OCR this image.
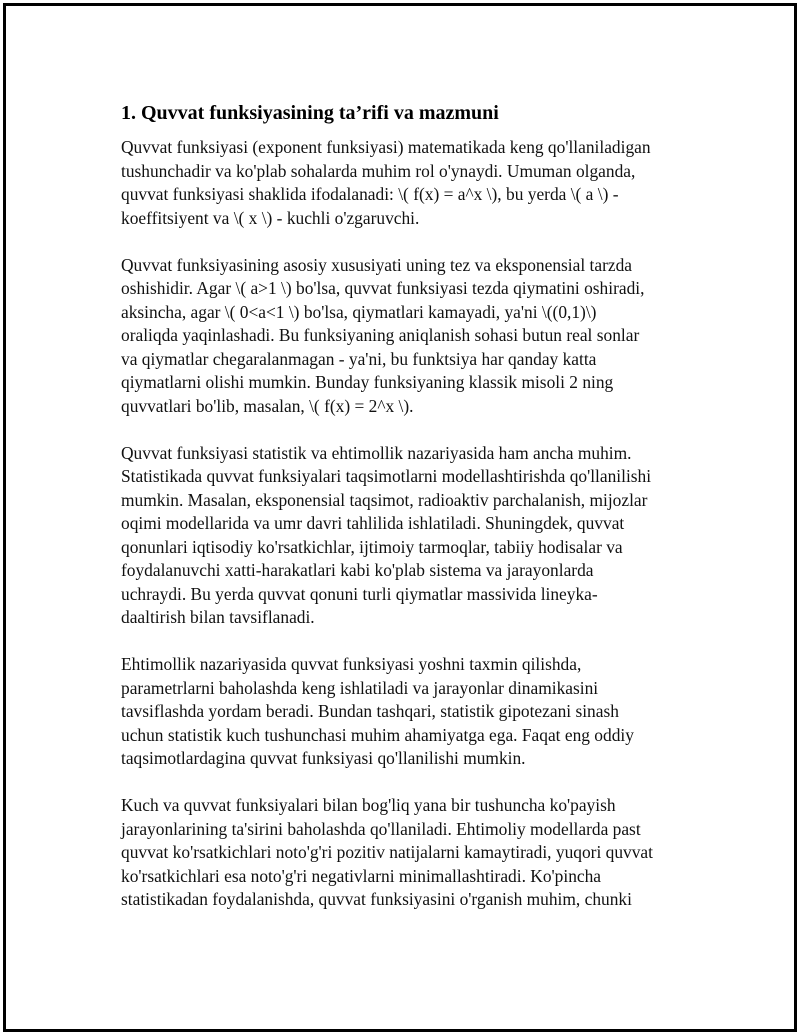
1. Quvvat funksiyasining ta’rifi va mazmuni

Quvvat funksiyasi (exponent funksiyasi) matematikada keng qo'llaniladigan
tushunchadir va ko'plab sohalarda muhim rol o'ynaydi. Umuman olganda,
quvvat funksiyasi shaklida ifodalanadi: \( f(x) = a^x \), bu yerda \( a \) -
koeffitsiyent va \( x \) - kuchli o'zgaruvchi.

Quvvat funksiyasining asosiy xususiyati uning tez va eksponensial tarzda
oshishidir. Agar \( a>1 \) bo'lsa, quvvat funksiyasi tezda qiymatini oshiradi,
aksincha, agar \( 0<a<1 \) bo'lsa, qiymatlari kamayadi, ya'ni \((0,1)\)
oraliqda yaqinlashadi. Bu funksiyaning aniqlanish sohasi butun real sonlar
va qiymatlar chegaralanmagan - ya'ni, bu funktsiya har qanday katta
qiymatlarni olishi mumkin. Bunday funksiyaning klassik misoli 2 ning
quvvatlari bo'lib, masalan, \( f(x) = 2^x \).

Quvvat funksiyasi statistik va ehtimollik nazariyasida ham ancha muhim.
Statistikada quvvat funksiyalari taqsimotlarni modellashtirishda qo'llanilishi
mumkin. Masalan, eksponensial taqsimot, radioaktiv parchalanish, mijozlar
oqimi modellarida va umr davri tahlilida ishlatiladi. Shuningdek, quvvat
qonunlari iqtisodiy ko'rsatkichlar, ijtimoiy tarmoqlar, tabiiy hodisalar va
foydalanuvchi xatti-harakatlari kabi ko'plab sistema va jarayonlarda
uchraydi. Bu yerda quvvat qonuni turli qiymatlar massivida lineyka-
daaltirish bilan tavsiflanadi.

Ehtimollik nazariyasida quvvat funksiyasi yoshni taxmin qilishda,
parametrlarni baholashda keng ishlatiladi va jarayonlar dinamikasini
tavsiflashda yordam beradi. Bundan tashqari, statistik gipotezani sinash
uchun statistik kuch tushunchasi muhim ahamiyatga ega. Faqat eng oddiy
taqsimotlardagina quvvat funksiyasi qo'llanilishi mumkin.

Kuch va quvvat funksiyalari bilan bog'liq yana bir tushuncha ko'payish
jarayonlarining ta'sirini baholashda qo'llaniladi. Ehtimoliy modellarda past
quvvat ko'rsatkichlari noto'g'ri pozitiv natijalarni kamaytiradi, yuqori quvvat
ko'rsatkichlari esa noto'g'ri negativlarni minimallashtiradi. Ko'pincha
statistikadan foydalanishda, quvvat funksiyasini o'rganish muhim, chunki
